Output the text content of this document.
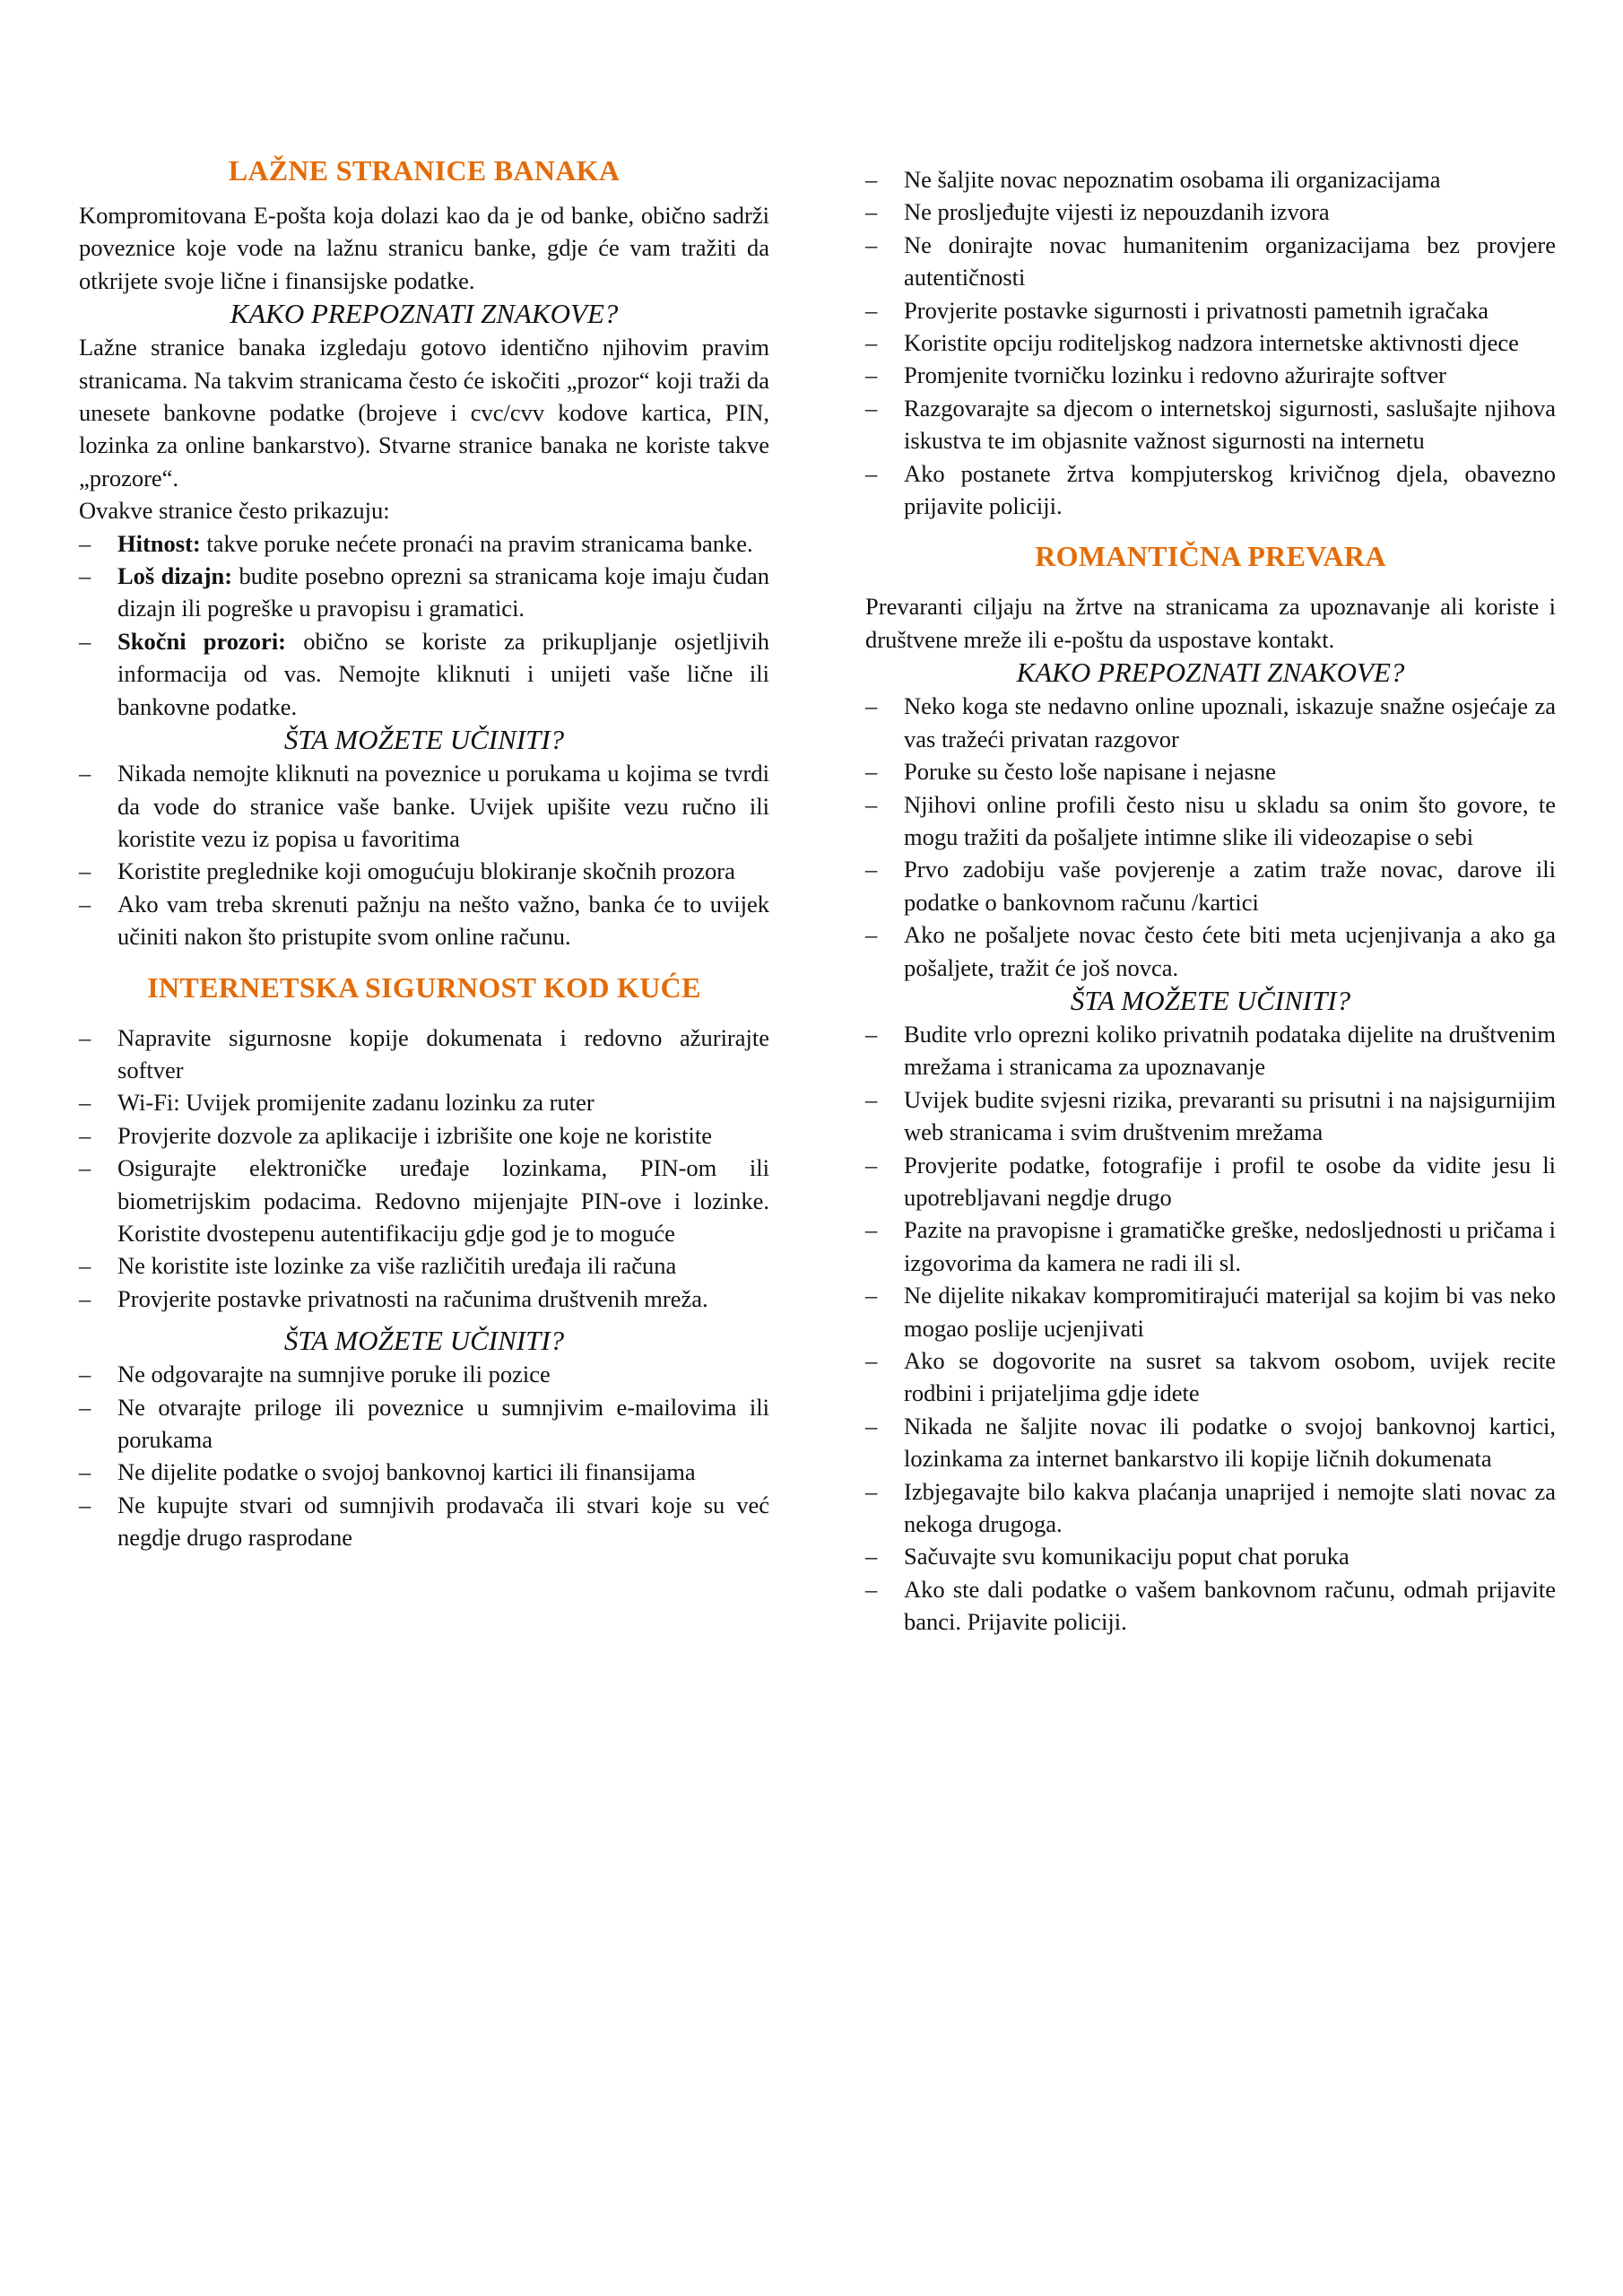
LAŽNE STRANICE BANAKA

Kompromitovana E-pošta koja dolazi kao da je od banke, obično sadrži poveznice koje vode na lažnu stranicu banke, gdje će vam tražiti da otkrijete svoje lične i finansijske podatke.

KAKO PREPOZNATI ZNAKOVE?

Lažne stranice banaka izgledaju gotovo identično njihovim pravim stranicama. Na takvim stranicama često će iskočiti „prozor“ koji traži da unesete bankovne podatke (brojeve i cvc/cvv kodove kartica, PIN, lozinka za online bankarstvo). Stvarne stranice banaka ne koriste takve „prozore“.

Ovakve stranice često prikazuju:

– Hitnost: takve poruke nećete pronaći na pravim stranicama banke.
– Loš dizajn: budite posebno oprezni sa stranicama koje imaju čudan dizajn ili pogreške u pravopisu i gramatici.
– Skočni prozori: obično se koriste za prikupljanje osjetljivih informacija od vas. Nemojte kliknuti i unijeti vaše lične ili bankovne podatke.
ŠTA MOŽETE UČINITI?
– Nikada nemojte kliknuti na poveznice u porukama u kojima se tvrdi da vode do stranice vaše banke. Uvijek upišite vezu ručno ili koristite vezu iz popisa u favoritima
– Koristite preglednike koji omogućuju blokiranje skočnih prozora
– Ako vam treba skrenuti pažnju na nešto važno, banka će to uvijek učiniti nakon što pristupite svom online računu.
INTERNETSKA SIGURNOST KOD KUĆE
– Napravite sigurnosne kopije dokumenata i redovno ažurirajte softver
– Wi-Fi: Uvijek promijenite zadanu lozinku za ruter
– Provjerite dozvole za aplikacije i izbrišite one koje ne koristite
– Osigurajte elektroničke uređaje lozinkama, PIN-om ili biometrijskim podacima. Redovno mijenjajte PIN-ove i lozinke. Koristite dvostepenu autentifikaciju gdje god je to moguće
– Ne koristite iste lozinke za više različitih uređaja ili računa
– Provjerite postavke privatnosti na računima društvenih mreža.
ŠTA MOŽETE UČINITI?
– Ne odgovarajte na sumnjive poruke ili pozice
– Ne otvarajte priloge ili poveznice u sumnjivim e-mailovima ili porukama
– Ne dijelite podatke o svojoj bankovnoj kartici ili finansijama
– Ne kupujte stvari od sumnjivih prodavača ili stvari koje su već negdje drugo rasprodane
– Ne šaljite novac nepoznatim osobama ili organizacijama
– Ne prosljeđujte vijesti iz nepouzdanih izvora
– Ne donirajte novac humanitenim organizacijama bez provjere autentičnosti
– Provjerite postavke sigurnosti i privatnosti pametnih igračaka
– Koristite opciju roditeljskog nadzora internetske aktivnosti djece
– Promjenite tvorničku lozinku i redovno ažurirajte softver
– Razgovarajte sa djecom o internetskoj sigurnosti, saslušajte njihova iskustva te im objasnite važnost sigurnosti na internetu
– Ako postanete žrtva kompjuterskog krivičnog djela, obavezno prijavite policiji.
ROMANTIČNA PREVARA

Prevaranti ciljaju na žrtve na stranicama za upoznavanje ali koriste i društvene mreže ili e-poštu da uspostave kontakt.

KAKO PREPOZNATI ZNAKOVE?
– Neko koga ste nedavno online upoznali, iskazuje snažne osjećaje za vas tražeći privatan razgovor
– Poruke su često loše napisane i nejasne
– Njihovi online profili često nisu u skladu sa onim što govore, te mogu tražiti da pošaljete intimne slike ili videozapise o sebi
– Prvo zadobiju vaše povjerenje a zatim traže novac, darove ili podatke o bankovnom računu /kartici
– Ako ne pošaljete novac često ćete biti meta ucjenjivanja a ako ga pošaljete, tražit će još novca.
ŠTA MOŽETE UČINITI?
– Budite vrlo oprezni koliko privatnih podataka dijelite na društvenim mrežama i stranicama za upoznavanje
– Uvijek budite svjesni rizika, prevaranti su prisutni i na najsigurnijim web stranicama i svim društvenim mrežama
– Provjerite podatke, fotografije i profil te osobe da vidite jesu li upotrebljavani negdje drugo
– Pazite na pravopisne i gramatičke greške, nedosljednosti u pričama i izgovorima da kamera ne radi ili sl.
– Ne dijelite nikakav kompromitirajući materijal sa kojim bi vas neko mogao poslije ucjenjivati
– Ako se dogovorite na susret sa takvom osobom, uvijek recite rodbini i prijateljima gdje idete
– Nikada ne šaljite novac ili podatke o svojoj bankovnoj kartici, lozinkama za internet bankarstvo ili kopije ličnih dokumenata
– Izbjegavajte bilo kakva plaćanja unaprijed i nemojte slati novac za nekoga drugoga.
– Sačuvajte svu komunikaciju poput chat poruka
– Ako ste dali podatke o vašem bankovnom računu, odmah prijavite banci. Prijavite policiji.
